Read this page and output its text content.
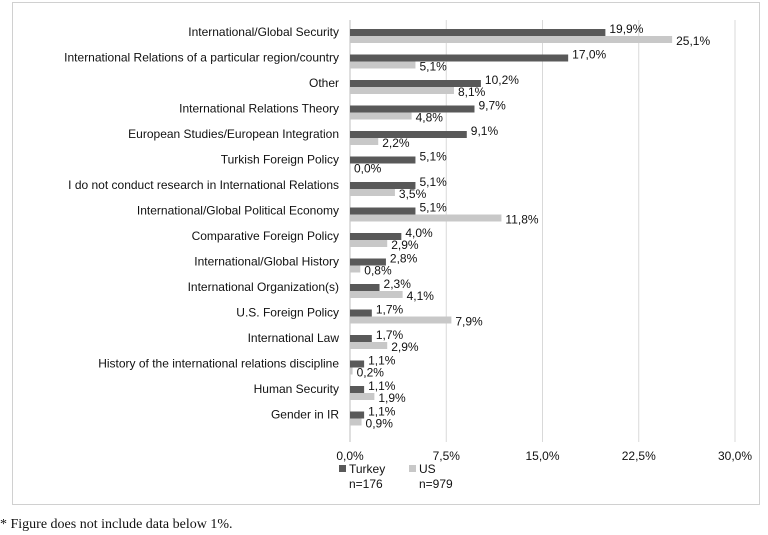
0,0%	7,5%	15,0%	22,5%	30,0%
International/Global Security	19,9%
25,1%
International Relations of a particular region/country	17,0%
5,1%
Other	10,2%
8,1%
International Relations Theory	9,7%
4,8%
European Studies/European Integration	9,1%
2,2%
Turkish Foreign Policy	5,1%
0,0%
I do not conduct research in International Relations	5,1%
3,5%
International/Global Political Economy	5,1%
11,8%
Comparative Foreign Policy	4,0%
2,9%
International/Global History	2,8%
0,8%
International Organization(s)	2,3%
4,1%
U.S. Foreign Policy	1,7%
7,9%
International Law	1,7%
2,9%
History of the international relations discipline 1,1%
0,2%
Human Security 1,1%
1,9%
Gender in IR 1,1%
0,9%
Turkey
n=176
US
n=979
* Figure does not include data below 1%.
